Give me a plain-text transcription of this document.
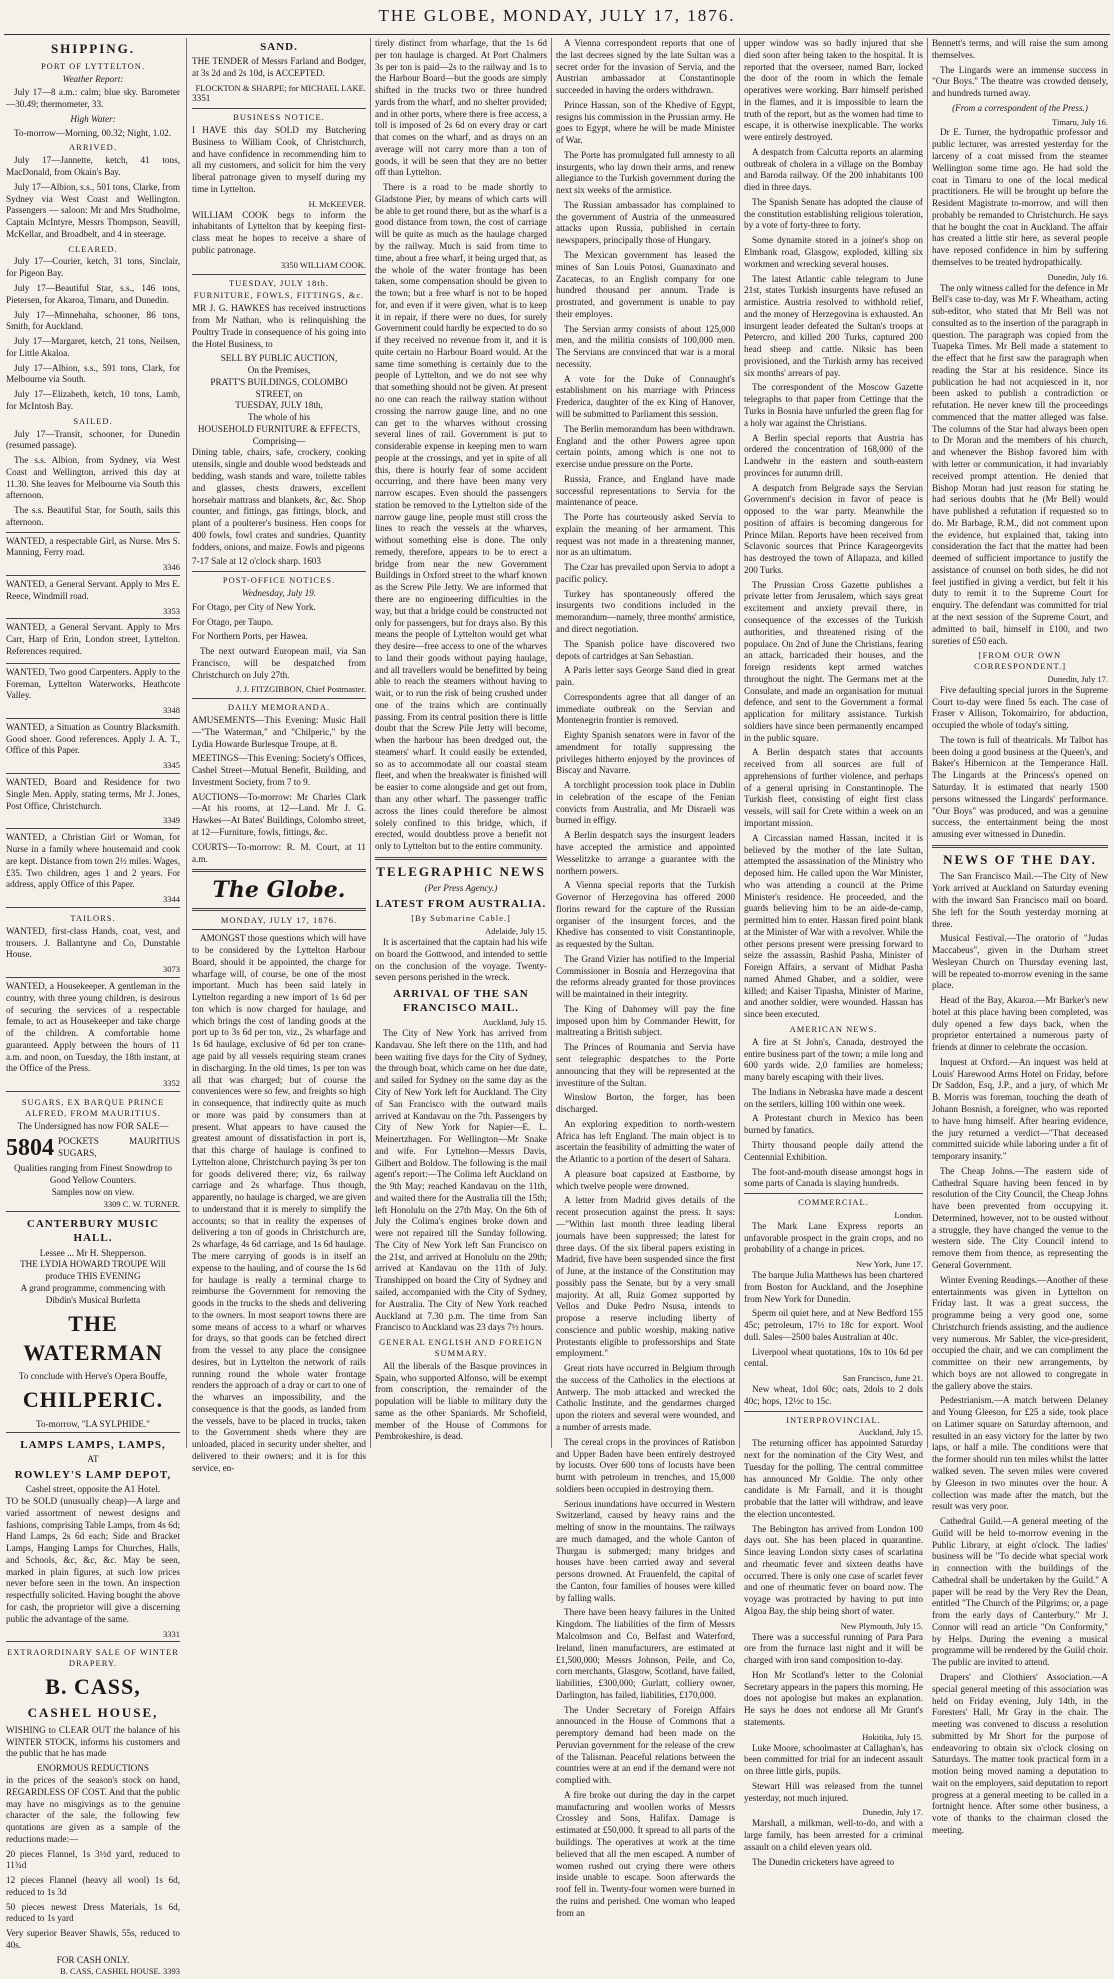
THE GLOBE, MONDAY, JULY 17, 1876.
SHIPPING.
PORT OF LYTTELTON.
Weather Report:
July 17—8 a.m.: calm; blue sky. Barometer—30.49; thermometer, 33.
High Water:
To-morrow—Morning, 00.32; Night, 1.02.
ARRIVED.
July 17—Jannette, ketch, 41 tons, MacDonald, from Okain's Bay.
July 17—Albion, s.s., 501 tons, Clarke, from Sydney via West Coast and Wellington. Passengers — saloon: Mr and Mrs Studholme, Captain McIntyre, Messrs Thompson, Seavill, McKellar, and Broadbelt, and 4 in steerage.
CLEARED.
July 17—Courier, ketch, 31 tons, Sinclair, for Pigeon Bay.
July 17—Beautiful Star, s.s., 146 tons, Pietersen, for Akaroa, Timaru, and Dunedin.
July 17—Minnehaha, schooner, 86 tons, Smith, for Auckland.
July 17—Margaret, ketch, 21 tons, Neilsen, for Little Akaloa.
July 17—Albion, s.s., 591 tons, Clark, for Melbourne via South.
July 17—Elizabeth, ketch, 10 tons, Lamb, for McIntosh Bay.
SAILED.
July 17—Transit, schooner, for Dunedin (resumed passage).
The s.s. Albion, from Sydney, via West Coast and Wellington, arrived this day at 11.30. She leaves for Melbourne via South this afternoon.
The s.s. Beautiful Star, for South, sails this afternoon.
WANTED, a respectable Girl, as Nurse. Mrs S. Manning, Ferry road.
3346
WANTED, a General Servant. Apply to Mrs E. Reece, Windmill road.
3353
WANTED, a General Servant. Apply to Mrs Carr, Harp of Erin, London street, Lyttelton. References required.
WANTED, Two good Carpenters. Apply to the Foreman, Lyttelton Waterworks, Heathcote Valley.
3348
WANTED, a Situation as Country Blacksmith. Good shoer. Good references. Apply J. A. T., Office of this Paper.
3345
WANTED, Board and Residence for two Single Men. Apply, stating terms, Mr J. Jones, Post Office, Christchurch.
3349
WANTED, a Christian Girl or Woman, for Nurse in a family where housemaid and cook are kept. Distance from town 2½ miles. Wages, £35. Two children, ages 1 and 2 years. For address, apply Office of this Paper.
3344
TAILORS.
WANTED, first-class Hands, coat, vest, and trousers. J. Ballantyne and Co, Dunstable House.
3073
WANTED, a Housekeeper. A gentleman in the country, with three young children, is desirous of securing the services of a respectable female, to act as Housekeeper and take charge of the children. A comfortable home guaranteed. Apply between the hours of 11 a.m. and noon, on Tuesday, the 18th instant, at the Office of the Press.
3352
SUGARS, EX BARQUE PRINCE ALFRED, FROM MAURITIUS.
The Undersigned has now FOR SALE—
5804 POCKETS MAURITIUS SUGARS,
Qualities ranging from Finest Snowdrop to Good Yellow Counters.
Samples now on view.
3309 C. W. TURNER.
CANTERBURY MUSIC HALL.
Lessee ... Mr H. Shepperson.
THE LYDIA HOWARD TROUPE Will produce THIS EVENING
A grand programme, commencing with Dibdin's Musical Burletta
THE WATERMAN
To conclude with Herve's Opera Bouffe,
CHILPERIC.
To-morrow, "LA SYLPHIDE."
LAMPS LAMPS, LAMPS,
AT
ROWLEY'S LAMP DEPOT,
Cashel street, opposite the A1 Hotel.
TO be SOLD (unusually cheap)—A large and varied assortment of newest designs and fashions, comprising Table Lamps, from 4s 6d; Hand Lamps, 2s 6d each; Side and Bracket Lamps, Hanging Lamps for Churches, Halls, and Schools, &c, &c, &c. May be seen, marked in plain figures, at such low prices never before seen in the town. An inspection respectfully solicited. Having bought the above for cash, the proprietor will give a discerning public the advantage of the same.
3331
EXTRAORDINARY SALE OF WINTER DRAPERY.
B. CASS,
CASHEL HOUSE,
WISHING to CLEAR OUT the balance of his WINTER STOCK, informs his customers and the public that he has made
ENORMOUS REDUCTIONS
in the prices of the season's stock on hand, REGARDLESS OF COST. And that the public may have no misgivings as to the genuine character of the sale, the following few quotations are given as a sample of the reductions made:—
20 pieces Flannel, 1s 3½d yard, reduced to 11¾d
12 pieces Flannel (heavy all wool) 1s 6d, reduced to 1s 3d
50 pieces newest Dress Materials, 1s 6d, reduced to 1s yard
Very superior Beaver Shawls, 55s, reduced to 40s.
FOR CASH ONLY.
B. CASS, CASHEL HOUSE. 3393
SAND.
THE TENDER of Messrs Farland and Bodger, at 3s 2d and 2s 10d, is ACCEPTED.
FLOCKTON & SHARPE; for MICHAEL LAKE.
3351
BUSINESS NOTICE.
I HAVE this day SOLD my Butchering Business to William Cook, of Christchurch, and have confidence in recommending him to all my customers, and solicit for him the very liberal patronage given to myself during my time in Lyttelton.
H. McKEEVER.
WILLIAM COOK begs to inform the inhabitants of Lyttelton that by keeping first-class meat he hopes to receive a share of public patronage.
3350 WILLIAM COOK.
TUESDAY, JULY 18th.
FURNITURE, FOWLS, FITTINGS, &c.
MR J. G. HAWKES has received instructions from Mr Nathan, who is relinquishing the Poultry Trade in consequence of his going into the Hotel Business, to
SELL BY PUBLIC AUCTION,
On the Premises,
PRATT'S BUILDINGS, COLOMBO STREET, on
TUESDAY, JULY 18th,
The whole of his
HOUSEHOLD FURNITURE & EFFECTS,
Comprising—
Dining table, chairs, safe, crockery, cooking utensils, single and double wood bedsteads and bedding, wash stands and ware, toilette tables and glasses, chests drawers, excellent horsehair mattrass and blankets, &c, &c. Shop counter, and fittings, gas fittings, block, and plant of a poulterer's business. Hen coops for 400 fowls, fowl crates and sundries. Quantity fodders, onions, and maize. Fowls and pigeons
7-17 Sale at 12 o'clock sharp. 1603
POST-OFFICE NOTICES.
Wednesday, July 19.
For Otago, per City of New York.
For Otago, per Taupo.
For Northern Ports, per Hawea.
The next outward European mail, via San Francisco, will be despatched from Christchurch on July 27th.
J. J. FITZGIBBON, Chief Postmaster.
DAILY MEMORANDA.
AMUSEMENTS—This Evening: Music Hall—"The Waterman," and "Chilperic," by the Lydia Howarde Burlesque Troupe, at 8.
MEETINGS—This Evening: Society's Offices, Cashel Street—Mutual Benefit, Building, and Investment Society, from 7 to 9.
AUCTIONS—To-morrow: Mr Charles Clark—At his rooms, at 12—Land. Mr J. G. Hawkes—At Bates' Buildings, Colombo street, at 12—Furniture, fowls, fittings, &c.
COURTS—To-morrow: R. M. Court, at 11 a.m.
The Globe.
MONDAY, JULY 17, 1876.
AMONGST those questions which will have to be considered by the Lyttelton Harbour Board, should it be appointed, the charge for wharfage will, of course, be one of the most important. Much has been said lately in Lyttelton regarding a new import of 1s 6d per ton which is now charged for haulage, and which brings the cost of landing goods at the port up to 3s 6d per ton, viz., 2s wharfage and 1s 6d haulage, exclusive of 6d per ton crane-age paid by all vessels requiring steam cranes in discharging. In the old times, 1s per ton was all that was charged; but of course the conveniences were so few, and freights so high in consequence, that indirectly quite as much or more was paid by consumers than at present. What appears to have caused the greatest amount of dissatisfaction in port is, that this charge of haulage is confined to Lyttelton alone, Christchurch paying 3s per ton for goods delivered there; viz, 6s railway carriage and 2s wharfage. Thus though, apparently, no haulage is charged, we are given to understand that it is merely to simplify the accounts; so that in reality the expenses of delivering a ton of goods in Christchurch are, 2s wharfage, 4s 6d carriage, and 1s 6d haulage. The mere carrying of goods is in itself an expense to the hauling, and of course the 1s 6d for haulage is really a terminal charge to reimburse the Government for removing the goods in the trucks to the sheds and delivering to the owners. In most seaport towns there are some means of access to a wharf or wharves for drays, so that goods can be fetched direct from the vessel to any place the consignee desires, but in Lyttelton the network of rails running round the whole water frontage renders the approach of a dray or cart to one of the wharves an impossibility, and the consequence is that the goods, as landed from the vessels, have to be placed in trucks, taken to the Government sheds where they are unloaded, placed in security under shelter, and delivered to their owners; and it is for this service, en-
tirely distinct from wharfage, that the 1s 6d per ton haulage is charged. At Port Chalmers 3s per ton is paid—2s to the railway and 1s to the Harbour Board—but the goods are simply shifted in the trucks two or three hundred yards from the wharf, and no shelter provided; and in other ports, where there is free access, a toll is imposed of 2s 6d on every dray or cart that comes on the wharf, and as drays on an average will not carry more than a ton of goods, it will be seen that they are no better off than Lyttelton.
There is a road to be made shortly to Gladstone Pier, by means of which carts will be able to get round there, but as the wharf is a good distance from town, the cost of carriage will be quite as much as the haulage charged by the railway. Much is said from time to time, about a free wharf, it being urged that, as the whole of the water frontage has been taken, some compensation should be given to the town; but a free wharf is not to be hoped for, and even if it were given, what is to keep it in repair, if there were no dues, for surely Government could hardly be expected to do so if they received no revenue from it, and it is quite certain no Harbour Board would. At the same time something is certainly due to the people of Lyttelton, and we do not see why that something should not be given. At present no one can reach the railway station without crossing the narrow gauge line, and no one can get to the wharves without crossing several lines of rail. Government is put to considerable expense in keeping men to warn people at the crossings, and yet in spite of all this, there is hourly fear of some accident occurring, and there have been many very narrow escapes. Even should the passengers station be removed to the Lyttelton side of the narrow gauge line, people must still cross the lines to reach the vessels at the wharves, without something else is done. The only remedy, therefore, appears to be to erect a bridge from near the new Government Buildings in Oxford street to the wharf known as the Screw Pile Jetty. We are informed that there are no engineering difficulties in the way, but that a bridge could be constructed not only for passengers, but for drays also. By this means the people of Lyttelton would get what they desire—free access to one of the wharves to land their goods without paying haulage, and all travellers would be benefitted by being able to reach the steamers without having to wait, or to run the risk of being crushed under one of the trains which are continually passing. From its central position there is little doubt that the Screw Pile Jetty will become, when the harbour has been dredged out, the steamers' wharf. It could easily be extended, so as to accommodate all our coastal steam fleet, and when the breakwater is finished will be easier to come alongside and get out from, than any other wharf. The passenger traffic across the lines could therefore be almost solely confined to this bridge, which, if erected, would doubtless prove a benefit not only to Lyttelton but to the entire community.
TELEGRAPHIC NEWS
(Per Press Agency.)
LATEST FROM AUSTRALIA.
[By Submarine Cable.]
Adelaide, July 15.
It is ascertained that the captain had his wife on board the Gottwood, and intended to settle on the conclusion of the voyage. Twenty-seven persons perished in the wreck.
ARRIVAL OF THE SAN FRANCISCO MAIL.
Auckland, July 15.
The City of New York has arrived from Kandavau. She left there on the 11th, and had been waiting five days for the City of Sydney, the through boat, which came on her due date, and sailed for Sydney on the same day as the City of New York left for Auckland. The City of San Francisco with the outward mails arrived at Kandavau on the 7th. Passengers by City of New York for Napier—E. L. Meinertzhagen. For Wellington—Mr Snake and wife. For Lyttelton—Messrs Davis, Gilbert and Boldow. The following is the mail agent's report:—The Colima left Auckland on the 9th May; reached Kandavau on the 11th, and waited there for the Australia till the 15th; left Honolulu on the 27th May. On the 6th of July the Colima's engines broke down and were not repaired till the Sunday following. The City of New York left San Francisco on the 21st, and arrived at Honolulu on the 29th; arrived at Kandavau on the 11th of July. Transhipped on board the City of Sydney and sailed, accompanied with the City of Sydney, for Australia. The City of New York reached Auckland at 7.30 p.m. The time from San Francisco to Auckland was 23 days 7½ hours.
GENERAL ENGLISH AND FOREIGN SUMMARY.
All the liberals of the Basque provinces in Spain, who supported Alfonso, will be exempt from conscription, the remainder of the population will be liable to military duty the same as the other Spaniards. Mr Schofield, member of the House of Commons for Pembrokeshire, is dead.
A Vienna correspondent reports that one of the last decrees signed by the late Sultan was a secret order for the invasion of Servia, and the Austrian ambassador at Constantinople succeeded in having the orders withdrawn.
Prince Hassan, son of the Khedive of Egypt, resigns his commission in the Prussian army. He goes to Egypt, where he will be made Minister of War.
The Porte has promulgated full amnesty to all insurgents, who lay down their arms, and renew allegiance to the Turkish government during the next six weeks of the armistice.
The Russian ambassador has complained to the government of Austria of the unmeasured attacks upon Russia, published in certain newspapers, principally those of Hungary.
The Mexican government has leased the mines of San Louis Potosi, Guanaxinato and Zacatecas, to an English company for one hundred thousand per annum. Trade is prostrated, and government is unable to pay their employes.
The Servian army consists of about 125,000 men, and the militia consists of 100,000 men. The Servians are convinced that war is a moral necessity.
A vote for the Duke of Connaught's establishment on his marriage with Princess Frederica, daughter of the ex King of Hanover, will be submitted to Parliament this session.
The Berlin memorandum has been withdrawn. England and the other Powers agree upon certain points, among which is one not to exercise undue pressure on the Porte.
Russia, France, and England have made successful representations to Servia for the maintenance of peace.
The Porte has courteously asked Servia to explain the meaning of her armament. This request was not made in a threatening manner, nor as an ultimatum.
The Czar has prevailed upon Servia to adopt a pacific policy.
Turkey has spontaneously offered the insurgents two conditions included in the memorandum—namely, three months' armistice, and direct negotiation.
The Spanish police have discovered two depots of cartridges at San Sebastian.
A Paris letter says George Sand died in great pain.
Correspondents agree that all danger of an immediate outbreak on the Servian and Montenegrin frontier is removed.
Eighty Spanish senators were in favor of the amendment for totally suppressing the privileges hitherto enjoyed by the provinces of Biscay and Navarre.
A torchlight procession took place in Dublin in celebration of the escape of the Fenian convicts from Australia, and Mr Disraeli was burned in effigy.
A Berlin despatch says the insurgent leaders have accepted the armistice and appointed Wesselitzke to arrange a guarantee with the northern powers.
A Vienna special reports that the Turkish Governor of Herzegovina has offered 2000 florins reward for the capture of the Russian organiser of the insurgent forces, and the Khedive has consented to visit Constantinople, as requested by the Sultan.
The Grand Vizier has notified to the Imperial Commissioner in Bosnia and Herzegovina that the reforms already granted for those provinces will be maintained in their integrity.
The King of Dahomey will pay the fine imposed upon him by Commander Hewitt, for maltreating a British subject.
The Princes of Roumania and Servia have sent telegraphic despatches to the Porte announcing that they will be represented at the investiture of the Sultan.
Winslow Borton, the forger, has been discharged.
An exploring expedition to north-western Africa has left England. The main object is to ascertain the feasibility of admitting the water of the Atlantic to a portion of the desert of Sahara.
A pleasure boat capsized at Eastborne, by which twelve people were drowned.
A letter from Madrid gives details of the recent prosecution against the press. It says:—"Within last month three leading liberal journals have been suppressed; the latest for three days. Of the six liberal papers existing in Madrid, five have been suspended since the first of June, at the instance of the Constitution may possibly pass the Senate, but by a very small majority. At all, Ruiz Gomez supported by Vellos and Duke Pedro Nsusa, intends to propose a reserve including liberty of conscience and public worship, making native Protestants eligible to professorships and State employment."
Great riots have occurred in Belgium through the success of the Catholics in the elections at Antwerp. The mob attacked and wrecked the Catholic Institute, and the gendarmes charged upon the rioters and several were wounded, and a number of arrests made.
The cereal crops in the provinces of Ratisbon and Upper Baden have been entirely destroyed by locusts. Over 600 tons of locusts have been burnt with petroleum in trenches, and 15,000 soldiers been occupied in destroying them.
Serious inundations have occurred in Western Switzerland, caused by heavy rains and the melting of snow in the mountains. The railways are much damaged, and the whole Canton of Thurgau is submerged; many bridges and houses have been carried away and several persons drowned. At Frauenfeld, the capital of the Canton, four families of houses were killed by falling walls.
There have been heavy failures in the United Kingdom. The liabilities of the firm of Messrs Malcolmson and Co, Belfast and Waterford, Ireland, linen manufacturers, are estimated at £1,500,000; Messrs Johnson, Peile, and Co, corn merchants, Glasgow, Scotland, have failed, liabilities, £300,000; Gurlatt, colliery owner, Darlington, has failed, liabilities, £170,000.
The Under Secretary of Foreign Affairs announced in the House of Commons that a peremptory demand had been made on the Peruvian government for the release of the crew of the Talisman. Peaceful relations between the countries were at an end if the demand were not complied with.
A fire broke out during the day in the carpet manufacturing and woollen works of Messrs Crossley and Sons, Halifax. Damage is estimated at £50,000. It spread to all parts of the buildings. The operatives at work at the time believed that all the men escaped. A number of women rushed out crying there were others inside unable to escape. Soon afterwards the roof fell in. Twenty-four women were burned in the ruins and perished. One woman who leaped from an
upper window was so badly injured that she died soon after being taken to the hospital. It is reported that the overseer, named Barr, locked the door of the room in which the female operatives were working. Barr himself perished in the flames, and it is impossible to learn the truth of the report, but as the women had time to escape, it is otherwise inexplicable. The works were entirely destroyed.
A despatch from Calcutta reports an alarming outbreak of cholera in a village on the Bombay and Baroda railway. Of the 200 inhabitants 100 died in three days.
The Spanish Senate has adopted the clause of the constitution establishing religious toleration, by a vote of forty-three to forty.
Some dynamite stored in a joiner's shop on Elmbank road, Glasgow, exploded, killing six workmen and wrecking several houses.
The latest Atlantic cable telegram to June 21st, states Turkish insurgents have refused an armistice. Austria resolved to withhold relief, and the money of Herzegovina is exhausted. An insurgent leader defeated the Sultan's troops at Petercro, and killed 200 Turks, captured 200 head sheep and cattle. Niksic has been provisioned, and the Turkish army has received six months' arrears of pay.
The correspondent of the Moscow Gazette telegraphs to that paper from Cettinge that the Turks in Bosnia have unfurled the green flag for a holy war against the Christians.
A Berlin special reports that Austria has ordered the concentration of 168,000 of the Landwehr in the eastern and south-eastern provinces for autumn drill.
A despatch from Belgrade says the Servian Government's decision in favor of peace is opposed to the war party. Meanwhile the position of affairs is becoming dangerous for Prince Milan. Reports have been received from Sclavonic sources that Prince Karageorgevits has destroyed the town of Allapaza, and killed 200 Turks.
The Prussian Cross Gazette publishes a private letter from Jerusalem, which says great excitement and anxiety prevail there, in consequence of the excesses of the Turkish authorities, and threatened rising of the populace. On 2nd of June the Christians, fearing an attack, barricaded their houses, and the foreign residents kept armed watches throughout the night. The Germans met at the Consulate, and made an organisation for mutual defence, and sent to the Government a formal application for military assistance. Turkish soldiers have since been permanently encamped in the public square.
A Berlin despatch states that accounts received from all sources are full of apprehensions of further violence, and perhaps of a general uprising in Constantinople. The Turkish fleet, consisting of eight first class vessels, will sail for Crete within a week on an important mission.
A Circassian named Hassan, incited it is believed by the mother of the late Sultan, attempted the assassination of the Ministry who deposed him. He called upon the War Minister, who was attending a council at the Prime Minister's residence. He proceeded, and the guards believing him to be an aide-de-camp, permitted him to enter. Hassan fired point blank at the Minister of War with a revolver. While the other persons present were pressing forward to seize the assassin, Rashid Pasha, Minister of Foreign Affairs, a servant of Midhat Pasha named Ahmed Ghaber, and a soldier, were killed; and Kaiser Tipasha, Minister of Marine, and another soldier, were wounded. Hassan has since been executed.
AMERICAN NEWS.
A fire at St John's, Canada, destroyed the entire business part of the town; a mile long and 600 yards wide. 2,0 families are homeless; many barely escaping with their lives.
The Indians in Nebraska have made a descent on the settlers, killing 100 within one week.
A Protestant church in Mexico has been burned by fanatics.
Thirty thousand people daily attend the Centennial Exhibition.
The foot-and-mouth disease amongst hogs in some parts of Canada is slaying hundreds.
COMMERCIAL.
London.
The Mark Lane Express reports an unfavorable prospect in the grain crops, and no probability of a change in prices.
New York, June 17.
The barque Julia Matthews has been chartered from Boston for Auckland, and the Josephine from New York for Dunedin.
Sperm oil quiet here, and at New Bedford 155 45c; petroleum, 17½ to 18c for export. Wool dull. Sales—2500 bales Australian at 40c.
Liverpool wheat quotations, 10s to 10s 6d per cental.
San Francisco, June 21.
New wheat, 1dol 60c; oats, 2dols to 2 dols 40c; hops, 12½c to 15c.
INTERPROVINCIAL.
Auckland, July 15.
The returning officer has appointed Saturday next for the nomination of the City West, and Tuesday for the polling. The central committee has announced Mr Goldie. The only other candidate is Mr Farnall, and it is thought probable that the latter will withdraw, and leave the election uncontested.
The Bebington has arrived from London 100 days out. She has been placed in quarantine. Since leaving London sixty cases of scarlatina and rheumatic fever and sixteen deaths have occurred. There is only one case of scarlet fever and one of rheumatic fever on board now. The voyage was protracted by having to put into Algoa Bay, the ship being short of water.
New Plymouth, July 15.
There was a successful running of Para Para ore from the furnace last night and it will be charged with iron sand composition to-day.
Hon Mr Scotland's letter to the Colonial Secretary appears in the papers this morning. He does not apologise but makes an explanation. He says he does not endorse all Mr Grant's statements.
Hokitika, July 15.
Luke Moore, schoolmaster at Callaghan's, has been committed for trial for an indecent assault on three little girls, pupils.
Stewart Hill was released from the tunnel yesterday, not much injured.
Dunedin, July 17.
Marshall, a milkman, well-to-do, and with a large family, has been arrested for a criminal assault on a child eleven years old.
The Dunedin cricketers have agreed to
Bennett's terms, and will raise the sum among themselves.
The Lingards were an immense success in "Our Boys." The theatre was crowded densely, and hundreds turned away.
(From a correspondent of the Press.)
Timaru, July 16.
Dr E. Turner, the hydropathic professor and public lecturer, was arrested yesterday for the larceny of a coat missed from the steamer Wellington some time ago. He had sold the coat in Timaru to one of the local medical practitioners. He will be brought up before the Resident Magistrate to-morrow, and will then probably be remanded to Christchurch. He says that he bought the coat in Auckland. The affair has created a little stir here, as several people have reposed confidence in him by suffering themselves to be treated hydropathically.
Dunedin, July 16.
The only witness called for the defence in Mr Bell's case to-day, was Mr F. Wheatham, acting sub-editor, who stated that Mr Bell was not consulted as to the insertion of the paragraph in question. The paragraph was copied from the Tuapeka Times. Mr Bell made a statement to the effect that he first saw the paragraph when reading the Star at his residence. Since its publication he had not acquiesced in it, nor been asked to publish a contradiction or refutation. He never knew till the proceedings commenced that the matter alleged was false. The columns of the Star had always been open to Dr Moran and the members of his church, and whenever the Bishop favored him with with letter or communication, it had invariably received prompt attention. He denied that Bishop Moran had just reason for stating he had serious doubts that he (Mr Bell) would have published a refutation if requested so to do. Mr Barbage, R.M., did not comment upon the evidence, but explained that, taking into consideration the fact that the matter had been deemed of sufficient importance to justify the assistance of counsel on both sides, he did not feel justified in giving a verdict, but felt it his duty to remit it to the Supreme Court for enquiry. The defendant was committed for trial at the next session of the Supreme Court, and admitted to bail, himself in £100, and two sureties of £50 each.
[FROM OUR OWN CORRESPONDENT.]
Dunedin, July 17.
Five defaulting special jurors in the Supreme Court to-day were fined 5s each. The case of Fraser v Allison, Tokomairiro, for abduction, occupied the whole of today's sitting.
The town is full of theatricals. Mr Talbot has been doing a good business at the Queen's, and Baker's Hibernicon at the Temperance Hall. The Lingards at the Princess's opened on Saturday. It is estimated that nearly 1500 persons witnessed the Lingards' performance. "Our Boys" was produced, and was a genuine success, the entertainment being the most amusing ever witnessed in Dunedin.
NEWS OF THE DAY.
The San Francisco Mail.—The City of New York arrived at Auckland on Saturday evening with the inward San Francisco mail on board. She left for the South yesterday morning at three.
Musical Festival.—The oratorio of "Judas Maccabeus", given in the Durham street Wesleyan Church on Thursday evening last, will be repeated to-morrow evening in the same place.
Head of the Bay, Akaroa.—Mr Barker's new hotel at this place having been completed, was duly opened a few days back, when the proprietor entertained a numerous party of friends at dinner to celebrate the occasion.
Inquest at Oxford.—An inquest was held at Louis' Harewood Arms Hotel on Friday, before Dr Saddon, Esq, J.P., and a jury, of which Mr B. Morris was foreman, touching the death of Johann Bosnish, a foreigner, who was reported to have hung himself. After hearing evidence, the jury returned a verdict—"That deceased committed suicide while laboring under a fit of temporary insanity."
The Cheap Johns.—The eastern side of Cathedral Square having been fenced in by resolution of the City Council, the Cheap Johns have been prevented from occupying it. Determined, however, not to be ousted without a struggle, they have changed the venue to the western side. The City Council intend to remove them from thence, as representing the General Government.
Winter Evening Readings.—Another of these entertainments was given in Lyttelton on Friday last. It was a great success, the programme being a very good one, some Christchurch friends assisting, and the audience very numerous. Mr Sabler, the vice-president, occupied the chair, and we can compliment the committee on their new arrangements, by which boys are not allowed to congregate in the gallery above the stairs.
Pedestrianism.—A match between Delaney and Young Gleeson, for £25 a side, took place on Latimer square on Saturday afternoon, and resulted in an easy victory for the latter by two laps, or half a mile. The conditions were that the former should run ten miles whilst the latter walked seven. The seven miles were covered by Gleeson in two minutes over the hour. A collection was made after the match, but the result was very poor.
Cathedral Guild.—A general meeting of the Guild will be held to-morrow evening in the Public Library, at eight o'clock. The ladies' business will be "To decide what special work in connection with the buildings of the Cathedral shall be undertaken by the Guild." A paper will be read by the Very Rev the Dean, entitled "The Church of the Pilgrims; or, a page from the early days of Canterbury." Mr J. Connor will read an article "On Conformity," by Helps. During the evening a musical programme will be rendered by the Guild choir. The public are invited to attend.
Drapers' and Clothiers' Association.—A special general meeting of this association was held on Friday evening, July 14th, in the Foresters' Hall, Mr Gray in the chair. The meeting was convened to discuss a resolution submitted by Mr Short for the purpose of endeavoring to obtain six o'clock closing on Saturdays. The matter took practical form in a motion being moved naming a deputation to wait on the employers, said deputation to report progress at a general meeting to be called in a fortnight hence. After some other business, a vote of thanks to the chairman closed the meeting.
